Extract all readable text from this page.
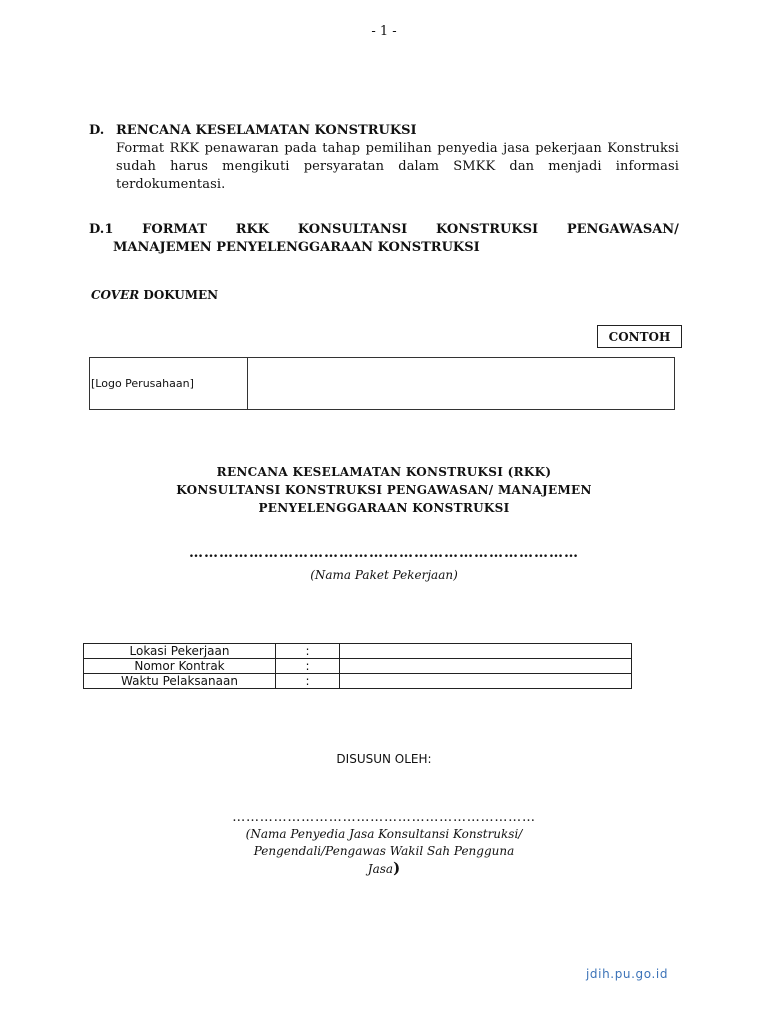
- 1 -
D. RENCANA KESELAMATAN KONSTRUKSI
Format RKK penawaran pada tahap pemilihan penyedia jasa pekerjaan Konstruksi sudah harus mengikuti persyaratan dalam SMKK dan menjadi informasi terdokumentasi.
D.1 FORMAT RKK KONSULTANSI KONSTRUKSI PENGAWASAN/
MANAJEMEN PENYELENGGARAAN KONSTRUKSI
COVER DOKUMEN
CONTOH
[Logo Perusahaan]
RENCANA KESELAMATAN KONSTRUKSI (RKK)
KONSULTANSI KONSTRUKSI PENGAWASAN/ MANAJEMEN
PENYELENGGARAAN KONSTRUKSI
……………………………………………………………………
(Nama Paket Pekerjaan)
Lokasi Pekerjaan	:	
Nomor Kontrak	:	
Waktu Pelaksanaan	:	
DISUSUN OLEH:
…………………………………………………………
(Nama Penyedia Jasa Konsultansi Konstruksi/
Pengendali/Pengawas Wakil Sah Pengguna
Jasa)
jdih.pu.go.id
